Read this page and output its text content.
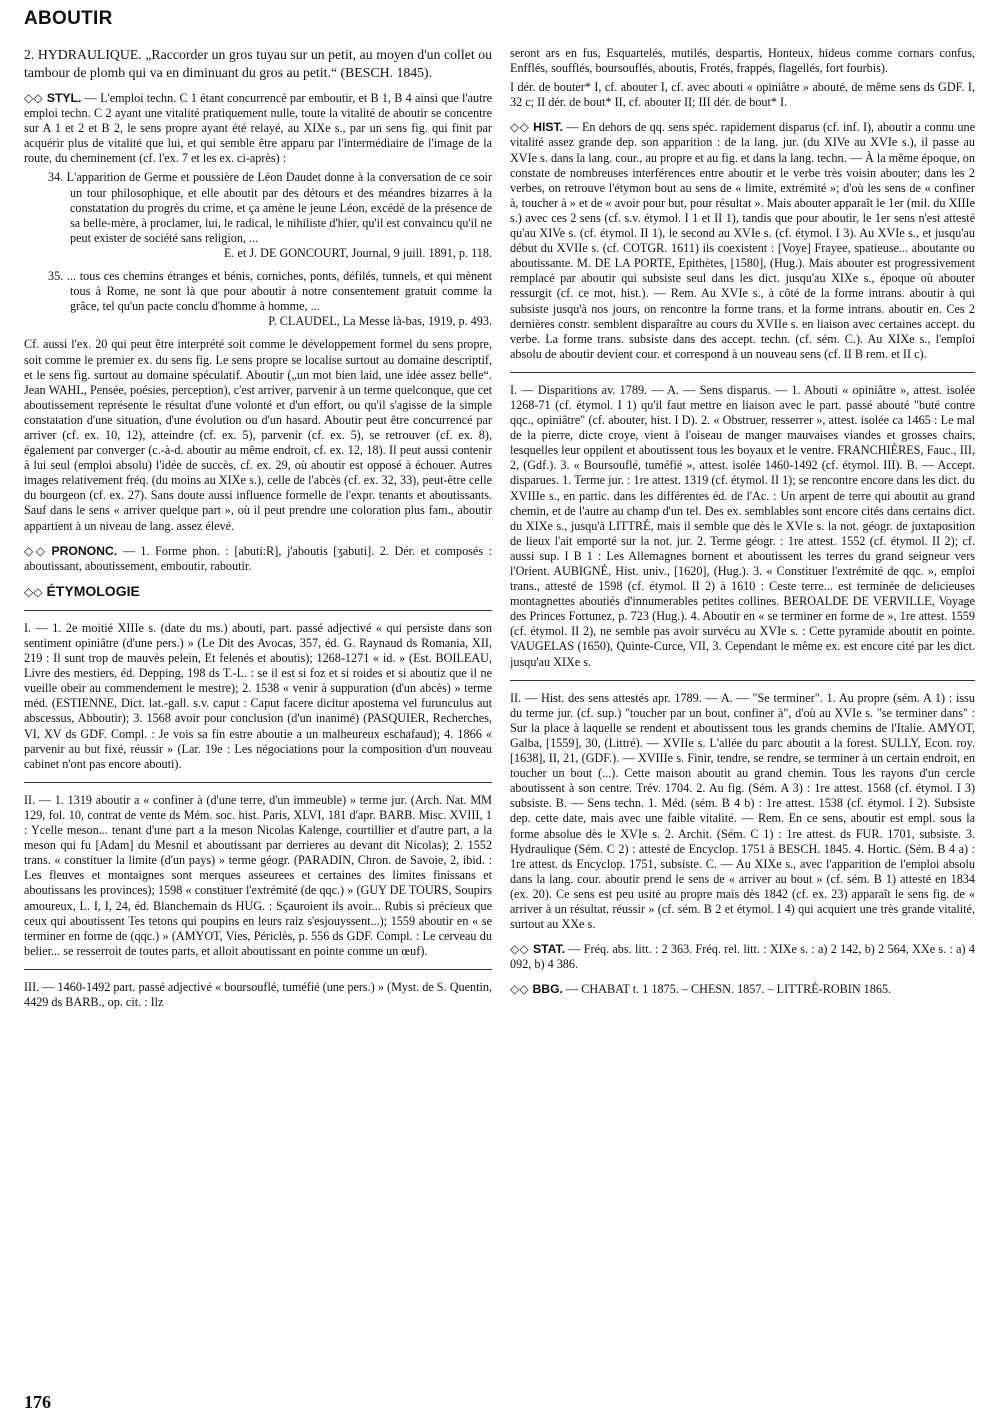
ABOUTIR

2. HYDRAULIQUE. „Raccorder un gros tuyau sur un petit, au moyen d'un collet ou tambour de plomb qui va en diminuant du gros au petit.“ (BESCH. 1845).

◇◇ STYL. — L'emploi techn. C 1 étant concurrencé par emboutir, et B 1, B 4 ainsi que l'autre emploi techn. C 2 ayant une vitalité pratiquement nulle, toute la vitalité de aboutir se concentre sur A 1 et 2 et B 2, le sens propre ayant été relayé, au XIXe s., par un sens fig. qui finit par acquérir plus de vitalité que lui, et qui semble être apparu par l'intermédiaire de l'image de la route, du cheminement (cf. l'ex. 7 et les ex. ci-après) :

34. L'apparition de Germe et poussière de Léon Daudet donne à la conversation de ce soir un tour philosophique, et elle aboutit par des détours et des méandres bizarres à la constatation du progrès du crime, et ça amène le jeune Léon, excédé de la présence de sa belle-mère, à proclamer, lui, le radical, le nihiliste d'hier, qu'il est convaincu qu'il ne peut exister de société sans religion, ...
E. et J. DE GONCOURT, Journal, 9 juill. 1891, p. 118.
35. ... tous ces chemins étranges et bénis, corniches, ponts, défilés, tunnels, et qui mènent tous à Rome, ne sont là que pour aboutir à notre consentement gratuit comme la grâce, tel qu'un pacte conclu d'homme à homme, ...
P. CLAUDEL, La Messe là-bas, 1919, p. 493.

Cf. aussi l'ex. 20 qui peut être interprété soit comme le développement formel du sens propre, soit comme le premier ex. du sens fig. Le sens propre se localise surtout au domaine descriptif, et le sens fig. surtout au domaine spéculatif. Aboutir („un mot bien laid, une idée assez belle“. Jean WAHL, Pensée, poésies, perception), c'est arriver, parvenir à un terme quelconque, que cet aboutissement représente le résultat d'une volonté et d'un effort, ou qu'il s'agisse de la simple constatation d'une situation, d'une évolution ou d'un hasard. Aboutir peut être concurrencé par arriver (cf. ex. 10, 12), atteindre (cf. ex. 5), parvenir (cf. ex. 5), se retrouver (cf. ex. 8), également par converger (c.-à-d. aboutir au même endroit, cf. ex. 12, 18). Il peut aussi contenir à lui seul (emploi absolu) l'idée de succès, cf. ex. 29, où aboutir est opposé à échouer. Autres images relativement fréq. (du moins au XIXe s.), celle de l'abcès (cf. ex. 32, 33), peut-être celle du bourgeon (cf. ex. 27). Sans doute aussi influence formelle de l'expr. tenants et aboutissants. Sauf dans le sens « arriver quelque part », où il peut prendre une coloration plus fam., aboutir appartient à un niveau de lang. assez élevé.

◇◇ PRONONC. — 1. Forme phon. : [abuti:R], j'aboutis [ʒabuti]. 2. Dér. et composés : aboutissant, aboutissement, emboutir, raboutir.

◇◇ ÉTYMOLOGIE

I. — 1. 2e moitié XIIIe s. (date du ms.) abouti, part. passé adjectivé « qui persiste dans son sentiment opiniâtre (d'une pers.) » (Le Dit des Avocas, 357, éd. G. Raynaud ds Romania, XII, 219 : Il sunt trop de mauvès pelein, Et felenés et aboutis); 1268-1271 « id. » (Est. BOILEAU, Livre des mestiers, éd. Depping, 198 ds T.-L. : se il est si foz et si roides et si aboutiz que il ne vueille obeir au commendement le mestre); 2. 1538 « venir à suppuration (d'un abcès) » terme méd. (ESTIENNE, Dict. lat.-gall. s.v. caput : Caput facere dicitur apostema vel furunculus aut abscessus, Abboutir); 3. 1568 avoir pour conclusion (d'un inanimé) (PASQUIER, Recherches, VI, XV ds GDF. Compl. : Je vois sa fin estre aboutie a un malheureux eschafaud); 4. 1866 « parvenir au but fixé, réussir » (Lar. 19e : Les négociations pour la composition d'un nouveau cabinet n'ont pas encore abouti).

II. — 1. 1319 aboutir a « confiner à (d'une terre, d'un immeuble) » terme jur. (Arch. Nat. MM 129, fol. 10, contrat de vente ds Mém. soc. hist. Paris, XLVI, 181 d'apr. BARB. Misc. XVIII, 1 : Ycelle meson... tenant d'une part a la meson Nicolas Kalenge, courtillier et d'autre part, a la meson qui fu [Adam] du Mesnil et aboutissant par derrieres au devant dit Nicolas); 2. 1552 trans. « constituer la limite (d'un pays) » terme géogr. (PARADIN, Chron. de Savoie, 2, ibid. : Les fleuves et montaignes sont merques asseurees et certaines des limites finissans et aboutissans les provinces); 1598 « constituer l'extrémité (de qqc.) » (GUY DE TOURS, Soupirs amoureux, L. I, I, 24, éd. Blanchemain ds HUG. : Sçauroient ils avoir... Rubis si précieux que ceux qui aboutissent Tes tetons qui poupins en leurs raiz s'esjouyssent...); 1559 aboutir en « se terminer en forme de (qqc.) » (AMYOT, Vies, Périclès, p. 556 ds GDF. Compl. : Le cerveau du belier... se resserroit de toutes parts, et alloit aboutissant en pointe comme un œuf).

III. — 1460-1492 part. passé adjectivé « boursouflé, tuméfié (une pers.) » (Myst. de S. Quentin, 4429 ds BARB., op. cit. : Ilz

seront ars en fus, Esquartelés, mutilés, despartis, Honteux, hideus comme cornars confus, Enfflés, soufflés, boursouflés, aboutis, Frotés, frappés, flagellés, fort fourbis).

I dér. de bouter* I, cf. abouter I, cf. avec abouti « opiniâtre » abouté, de même sens ds GDF. I, 32 c; II dér. de bout* II, cf. abouter II; III dér. de bout* I.

◇◇ HIST. — En dehors de qq. sens spéc. rapidement disparus (cf. inf. I), aboutir a connu une vitalité assez grande dep. son apparition : de la lang. jur. (du XIVe au XVIe s.), il passe au XVIe s. dans la lang. cour., au propre et au fig. et dans la lang. techn. — À la même époque, on constate de nombreuses interférences entre aboutir et le verbe très voisin abouter; dans les 2 verbes, on retrouve l'étymon bout au sens de « limite, extrémité »; d'où les sens de « confiner à, toucher à » et de « avoir pour but, pour résultat ». Mais abouter apparaît le 1er (mil. du XIIIe s.) avec ces 2 sens (cf. s.v. étymol. I 1 et II 1), tandis que pour aboutir, le 1er sens n'est attesté qu'au XIVe s. (cf. étymol. II 1), le second au XVIe s. (cf. étymol. I 3). Au XVIe s., et jusqu'au début du XVIIe s. (cf. COTGR. 1611) ils coexistent : [Voye] Frayee, spatieuse... aboutante ou aboutissante. M. DE LA PORTE, Epithètes, [1580], (Hug.). Mais abouter est progressivement remplacé par aboutir qui subsiste seul dans les dict. jusqu'au XIXe s., époque où abouter ressurgit (cf. ce mot, hist.). — Rem. Au XVIe s., à côté de la forme intrans. aboutir à qui subsiste jusqu'à nos jours, on rencontre la forme trans. et la forme intrans. aboutir en. Ces 2 dernières constr. semblent disparaître au cours du XVIIe s. en liaison avec certaines accept. du verbe. La forme trans. subsiste dans des accept. techn. (cf. sém. C.). Au XIXe s., l'emploi absolu de aboutir devient cour. et correspond à un nouveau sens (cf. II B rem. et II c).

I. — Disparitions av. 1789. — A. — Sens disparus. — 1. Abouti « opiniâtre », attest. isolée 1268-71 (cf. étymol. I 1) qu'il faut mettre en liaison avec le part. passé abouté "buté contre qqc., opiniâtre" (cf. abouter, hist. I D). 2. « Obstruer, resserrer », attest. isolée ca 1465 : Le mal de la pierre, dicte croye, vient à l'oiseau de manger mauvaises viandes et grosses chairs, lesquelles leur oppilent et aboutissent tous les boyaux et le ventre. FRANCHIÈRES, Fauc., III, 2, (Gdf.). 3. « Boursouflé, tuméfié », attest. isolée 1460-1492 (cf. étymol. III). B. — Accept. disparues. 1. Terme jur. : 1re attest. 1319 (cf. étymol. II 1); se rencontre encore dans les dict. du XVIIIe s., en partic. dans les différentes éd. de l'Ac. : Un arpent de terre qui aboutit au grand chemin, et de l'autre au champ d'un tel. Des ex. semblables sont encore cités dans certains dict. du XIXe s., jusqu'à LITTRÉ, mais il semble que dès le XVIe s. la not. géogr. de juxtaposition de lieux l'ait emporté sur la not. jur. 2. Terme géogr. : 1re attest. 1552 (cf. étymol. II 2); cf. aussi sup. I B 1 : Les Allemagnes bornent et aboutissent les terres du grand seigneur vers l'Orient. AUBIGNÉ, Hist. univ., [1620], (Hug.). 3. « Constituer l'extrémité de qqc. », emploi trans., attesté de 1598 (cf. étymol. II 2) à 1610 : Ceste terre... est terminée de delicieuses montagnettes aboutiés d'innumerables petites collines. BEROALDE DE VERVILLE, Voyage des Princes Fortunez, p. 723 (Hug.). 4. Aboutir en « se terminer en forme de », 1re attest. 1559 (cf. étymol. II 2), ne semble pas avoir survécu au XVIe s. : Cette pyramide aboutit en pointe. VAUGELAS (1650), Quinte-Curce, VII, 3. Cependant le même ex. est encore cité par les dict. jusqu'au XIXe s.

II. — Hist. des sens attestés apr. 1789. — A. — "Se terminer". 1. Au propre (sém. A 1) : issu du terme jur. (cf. sup.) "toucher par un bout, confiner à", d'où au XVIe s. "se terminer dans" : Sur la place à laquelle se rendent et aboutissent tous les grands chemins de l'Italie. AMYOT, Galba, [1559], 30, (Littré). — XVIIe s. L'allée du parc aboutit a la forest. SULLY, Econ. roy. [1638], II, 21, (GDF.). — XVIIIe s. Finir, tendre, se rendre, se terminer à un certain endroit, en toucher un bout (...). Cette maison aboutit au grand chemin. Tous les rayons d'un cercle aboutissent à son centre. Trév. 1704. 2. Au fig. (Sém. A 3) : 1re attest. 1568 (cf. étymol. I 3) subsiste. B. — Sens techn. 1. Méd. (sém. B 4 b) : 1re attest. 1538 (cf. étymol. I 2). Subsiste dep. cette date, mais avec une faible vitalité. — Rem. En ce sens, aboutir est empl. sous la forme absolue dès le XVIe s. 2. Archit. (Sém. C 1) : 1re attest. ds FUR. 1701, subsiste. 3. Hydraulique (Sém. C 2) : attesté de Encyclop. 1751 à BESCH. 1845. 4. Hortic. (Sém. B 4 a) : 1re attest. ds Encyclop. 1751, subsiste. C. — Au XIXe s., avec l'apparition de l'emploi absolu dans la lang. cour. aboutir prend le sens de « arriver au bout » (cf. sém. B 1) attesté en 1834 (ex. 20). Ce sens est peu usité au propre mais dès 1842 (cf. ex. 23) apparaît le sens fig. de « arriver à un résultat, réussir » (cf. sém. B 2 et étymol. I 4) qui acquiert une très grande vitalité, surtout au XXe s.

◇◇ STAT. — Fréq. abs. litt. : 2 363. Fréq. rel. litt. : XIXe s. : a) 2 142, b) 2 564, XXe s. : a) 4 092, b) 4 386.

◇◇ BBG. — CHABAT t. 1 1875. – CHESN. 1857. – LITTRÉ-ROBIN 1865.

176
